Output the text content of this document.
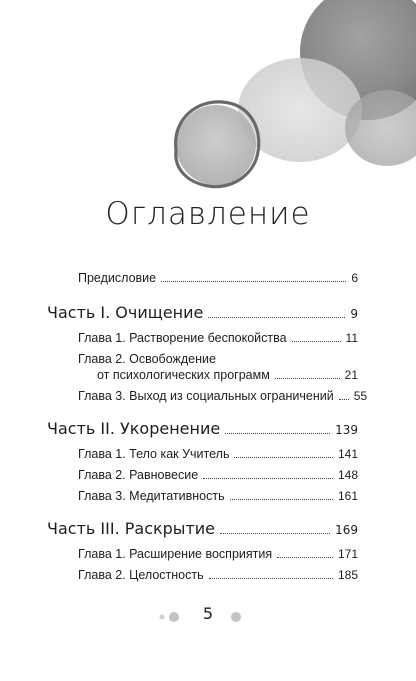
Оглавление
Предисловие	6
Часть I. Очищение	9
Глава 1. Растворение беспокойства	11
Глава 2. Освобождение
от психологических программ	21
Глава 3. Выход из социальных ограничений 55
Часть II. Укоренение	139
Глава 1. Тело как Учитель	141
Глава 2. Равновесие	148
Глава 3. Медитативность	161
Часть III. Раскрытие	169
Глава 1. Расширение восприятия	171
Глава 2. Целостность	185
5
